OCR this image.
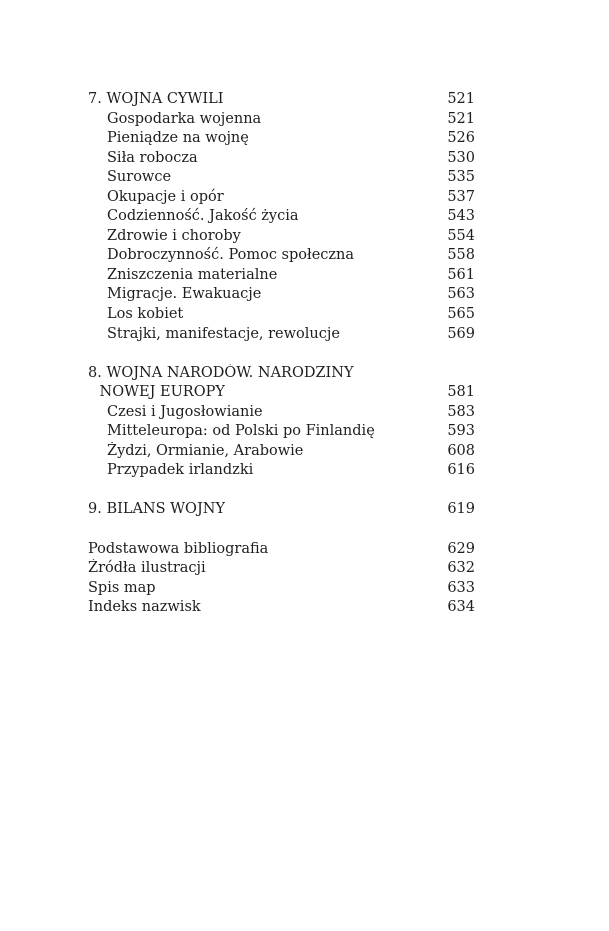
7. WOJNA CYWILI	521
Gospodarka wojenna	521
Pieniądze na wojnę	526
Siła robocza	530
Surowce	535
Okupacje i opór	537
Codzienność. Jakość życia	543
Zdrowie i choroby	554
Dobroczynność. Pomoc społeczna	558
Zniszczenia materialne	561
Migracje. Ewakuacje	563
Los kobiet	565
Strajki, manifestacje, rewolucje	569
8. WOJNA NARODÓW. NARODZINY
NOWEJ EUROPY	581
Czesi i Jugosłowianie	583
Mitteleuropa: od Polski po Finlandię	593
Żydzi, Ormianie, Arabowie	608
Przypadek irlandzki	616
9. BILANS WOJNY	619
Podstawowa bibliografia	629
Źródła ilustracji	632
Spis map	633
Indeks nazwisk	634
